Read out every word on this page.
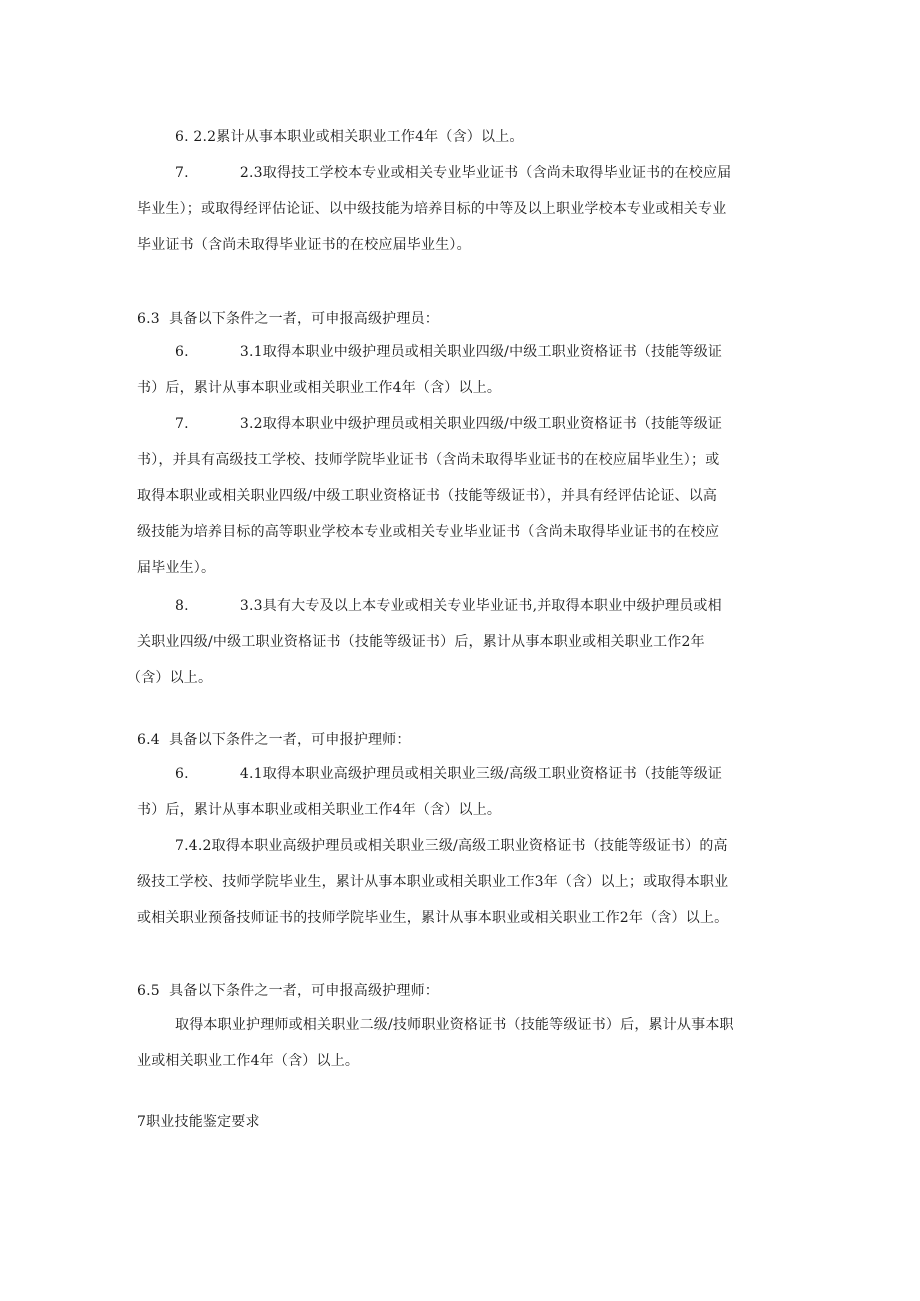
6. 2.2累计从事本职业或相关职业工作4年（含）以上。
7.           2.3取得技工学校本专业或相关专业毕业证书（含尚未取得毕业证书的在校应届
毕业生）；或取得经评估论证、以中级技能为培养目标的中等及以上职业学校本专业或相关专业
毕业证书（含尚未取得毕业证书的在校应届毕业生）。
6.3  具备以下条件之一者，可申报高级护理员：
6.           3.1取得本职业中级护理员或相关职业四级/中级工职业资格证书（技能等级证
书）后，累计从事本职业或相关职业工作4年（含）以上。
7.           3.2取得本职业中级护理员或相关职业四级/中级工职业资格证书（技能等级证
书），并具有高级技工学校、技师学院毕业证书（含尚未取得毕业证书的在校应届毕业生）；或
取得本职业或相关职业四级/中级工职业资格证书（技能等级证书），并具有经评估论证、以高
级技能为培养目标的高等职业学校本专业或相关专业毕业证书（含尚未取得毕业证书的在校应
届毕业生）。
8.           3.3具有大专及以上本专业或相关专业毕业证书,并取得本职业中级护理员或相
关职业四级/中级工职业资格证书（技能等级证书）后，累计从事本职业或相关职业工作2年
（含）以上。
6.4  具备以下条件之一者，可申报护理师：
6.           4.1取得本职业高级护理员或相关职业三级/高级工职业资格证书（技能等级证
书）后，累计从事本职业或相关职业工作4年（含）以上。
7.4.2取得本职业高级护理员或相关职业三级/高级工职业资格证书（技能等级证书）的高
级技工学校、技师学院毕业生，累计从事本职业或相关职业工作3年（含）以上；或取得本职业
或相关职业预备技师证书的技师学院毕业生，累计从事本职业或相关职业工作2年（含）以上。
6.5  具备以下条件之一者，可申报高级护理师：
取得本职业护理师或相关职业二级/技师职业资格证书（技能等级证书）后，累计从事本职
业或相关职业工作4年（含）以上。
7职业技能鉴定要求
